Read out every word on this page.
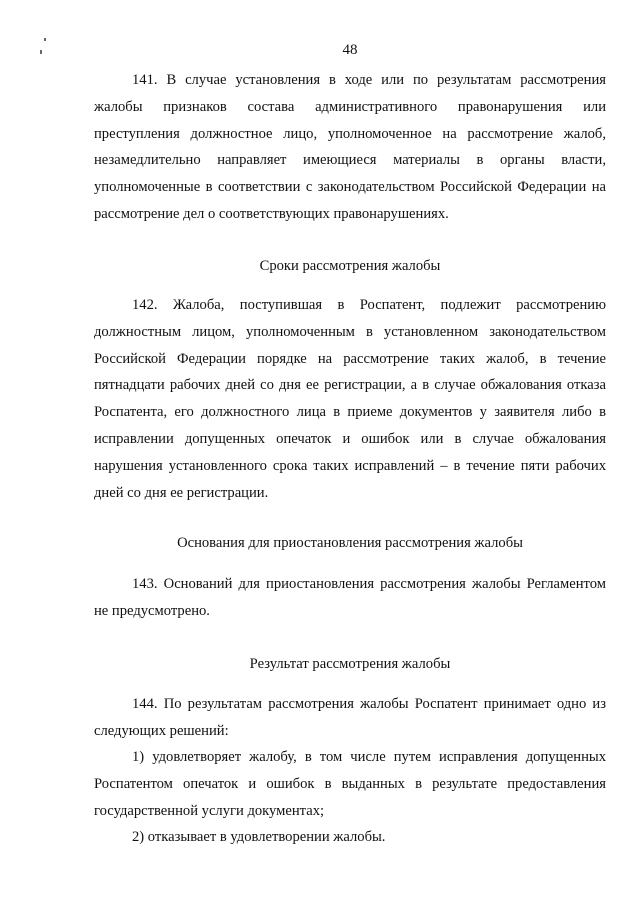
48

141. В случае установления в ходе или по результатам рассмотрения жалобы признаков состава административного правонарушения или преступления должностное лицо, уполномоченное на рассмотрение жалоб, незамедлительно направляет имеющиеся материалы в органы власти, уполномоченные в соответствии с законодательством Российской Федерации на рассмотрение дел о соответствующих правонарушениях.

Сроки рассмотрения жалобы

142. Жалоба, поступившая в Роспатент, подлежит рассмотрению должностным лицом, уполномоченным в установленном законодательством Российской Федерации порядке на рассмотрение таких жалоб, в течение пятнадцати рабочих дней со дня ее регистрации, а в случае обжалования отказа Роспатента, его должностного лица в приеме документов у заявителя либо в исправлении допущенных опечаток и ошибок или в случае обжалования нарушения установленного срока таких исправлений – в течение пяти рабочих дней со дня ее регистрации.

Основания для приостановления рассмотрения жалобы

143. Оснований для приостановления рассмотрения жалобы Регламентом не предусмотрено.

Результат рассмотрения жалобы

144. По результатам рассмотрения жалобы Роспатент принимает одно из следующих решений:

1) удовлетворяет жалобу, в том числе путем исправления допущенных Роспатентом опечаток и ошибок в выданных в результате предоставления государственной услуги документах;

2) отказывает в удовлетворении жалобы.
